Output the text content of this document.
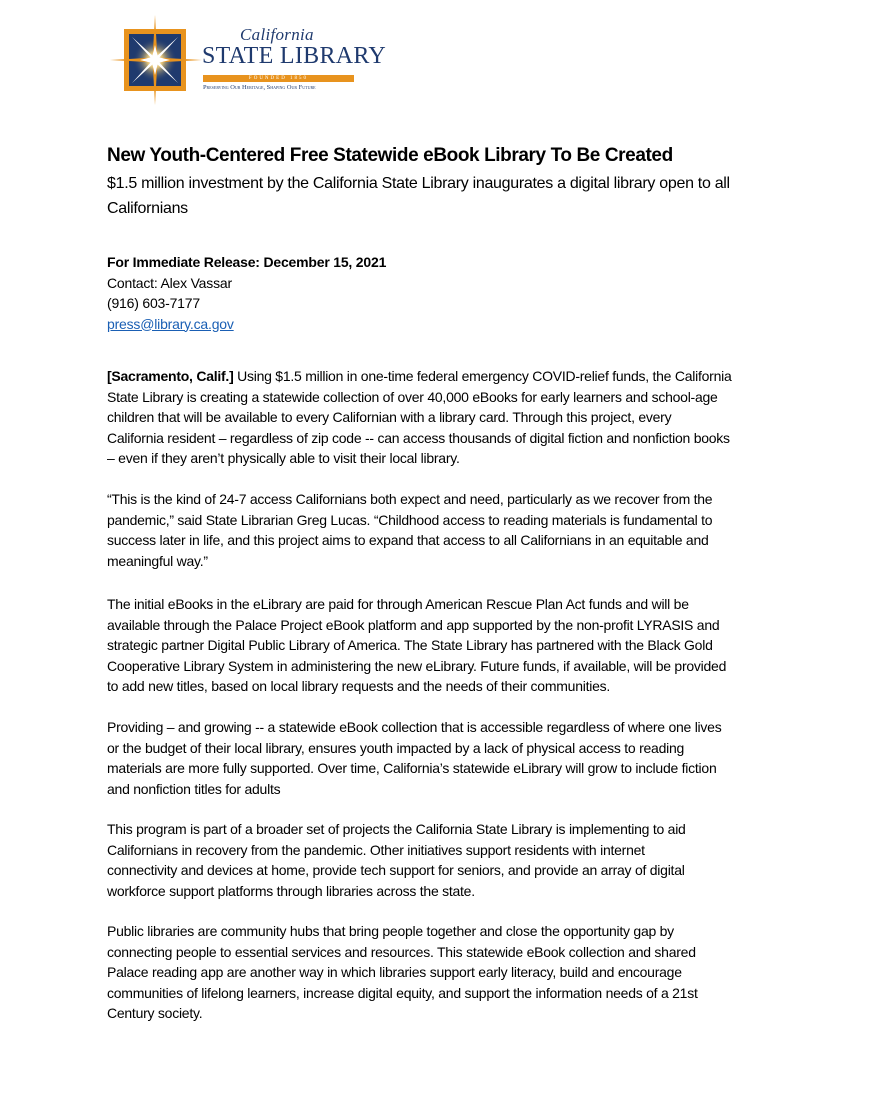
California
STATE LIBRARY
FOUNDED 1850
Preserving Our Heritage, Shaping Our Future
New Youth-Centered Free Statewide eBook Library To Be Created
$1.5 million investment by the California State Library inaugurates a digital library open to all
Californians
For Immediate Release: December 15, 2021
Contact: Alex Vassar
(916) 603-7177
press@library.ca.gov
[Sacramento, Calif.] Using $1.5 million in one-time federal emergency COVID-relief funds, the California
State Library is creating a statewide collection of over 40,000 eBooks for early learners and school-age
children that will be available to every Californian with a library card. Through this project, every
California resident – regardless of zip code -- can access thousands of digital fiction and nonfiction books
– even if they aren’t physically able to visit their local library.
“This is the kind of 24-7 access Californians both expect and need, particularly as we recover from the
pandemic,” said State Librarian Greg Lucas. “Childhood access to reading materials is fundamental to
success later in life, and this project aims to expand that access to all Californians in an equitable and
meaningful way.”
The initial eBooks in the eLibrary are paid for through American Rescue Plan Act funds and will be
available through the Palace Project eBook platform and app supported by the non-profit LYRASIS and
strategic partner Digital Public Library of America. The State Library has partnered with the Black Gold
Cooperative Library System in administering the new eLibrary. Future funds, if available, will be provided
to add new titles, based on local library requests and the needs of their communities.
Providing – and growing -- a statewide eBook collection that is accessible regardless of where one lives
or the budget of their local library, ensures youth impacted by a lack of physical access to reading
materials are more fully supported. Over time, California’s statewide eLibrary will grow to include fiction
and nonfiction titles for adults
This program is part of a broader set of projects the California State Library is implementing to aid
Californians in recovery from the pandemic. Other initiatives support residents with internet
connectivity and devices at home, provide tech support for seniors, and provide an array of digital
workforce support platforms through libraries across the state.
Public libraries are community hubs that bring people together and close the opportunity gap by
connecting people to essential services and resources. This statewide eBook collection and shared
Palace reading app are another way in which libraries support early literacy, build and encourage
communities of lifelong learners, increase digital equity, and support the information needs of a 21st
Century society.
